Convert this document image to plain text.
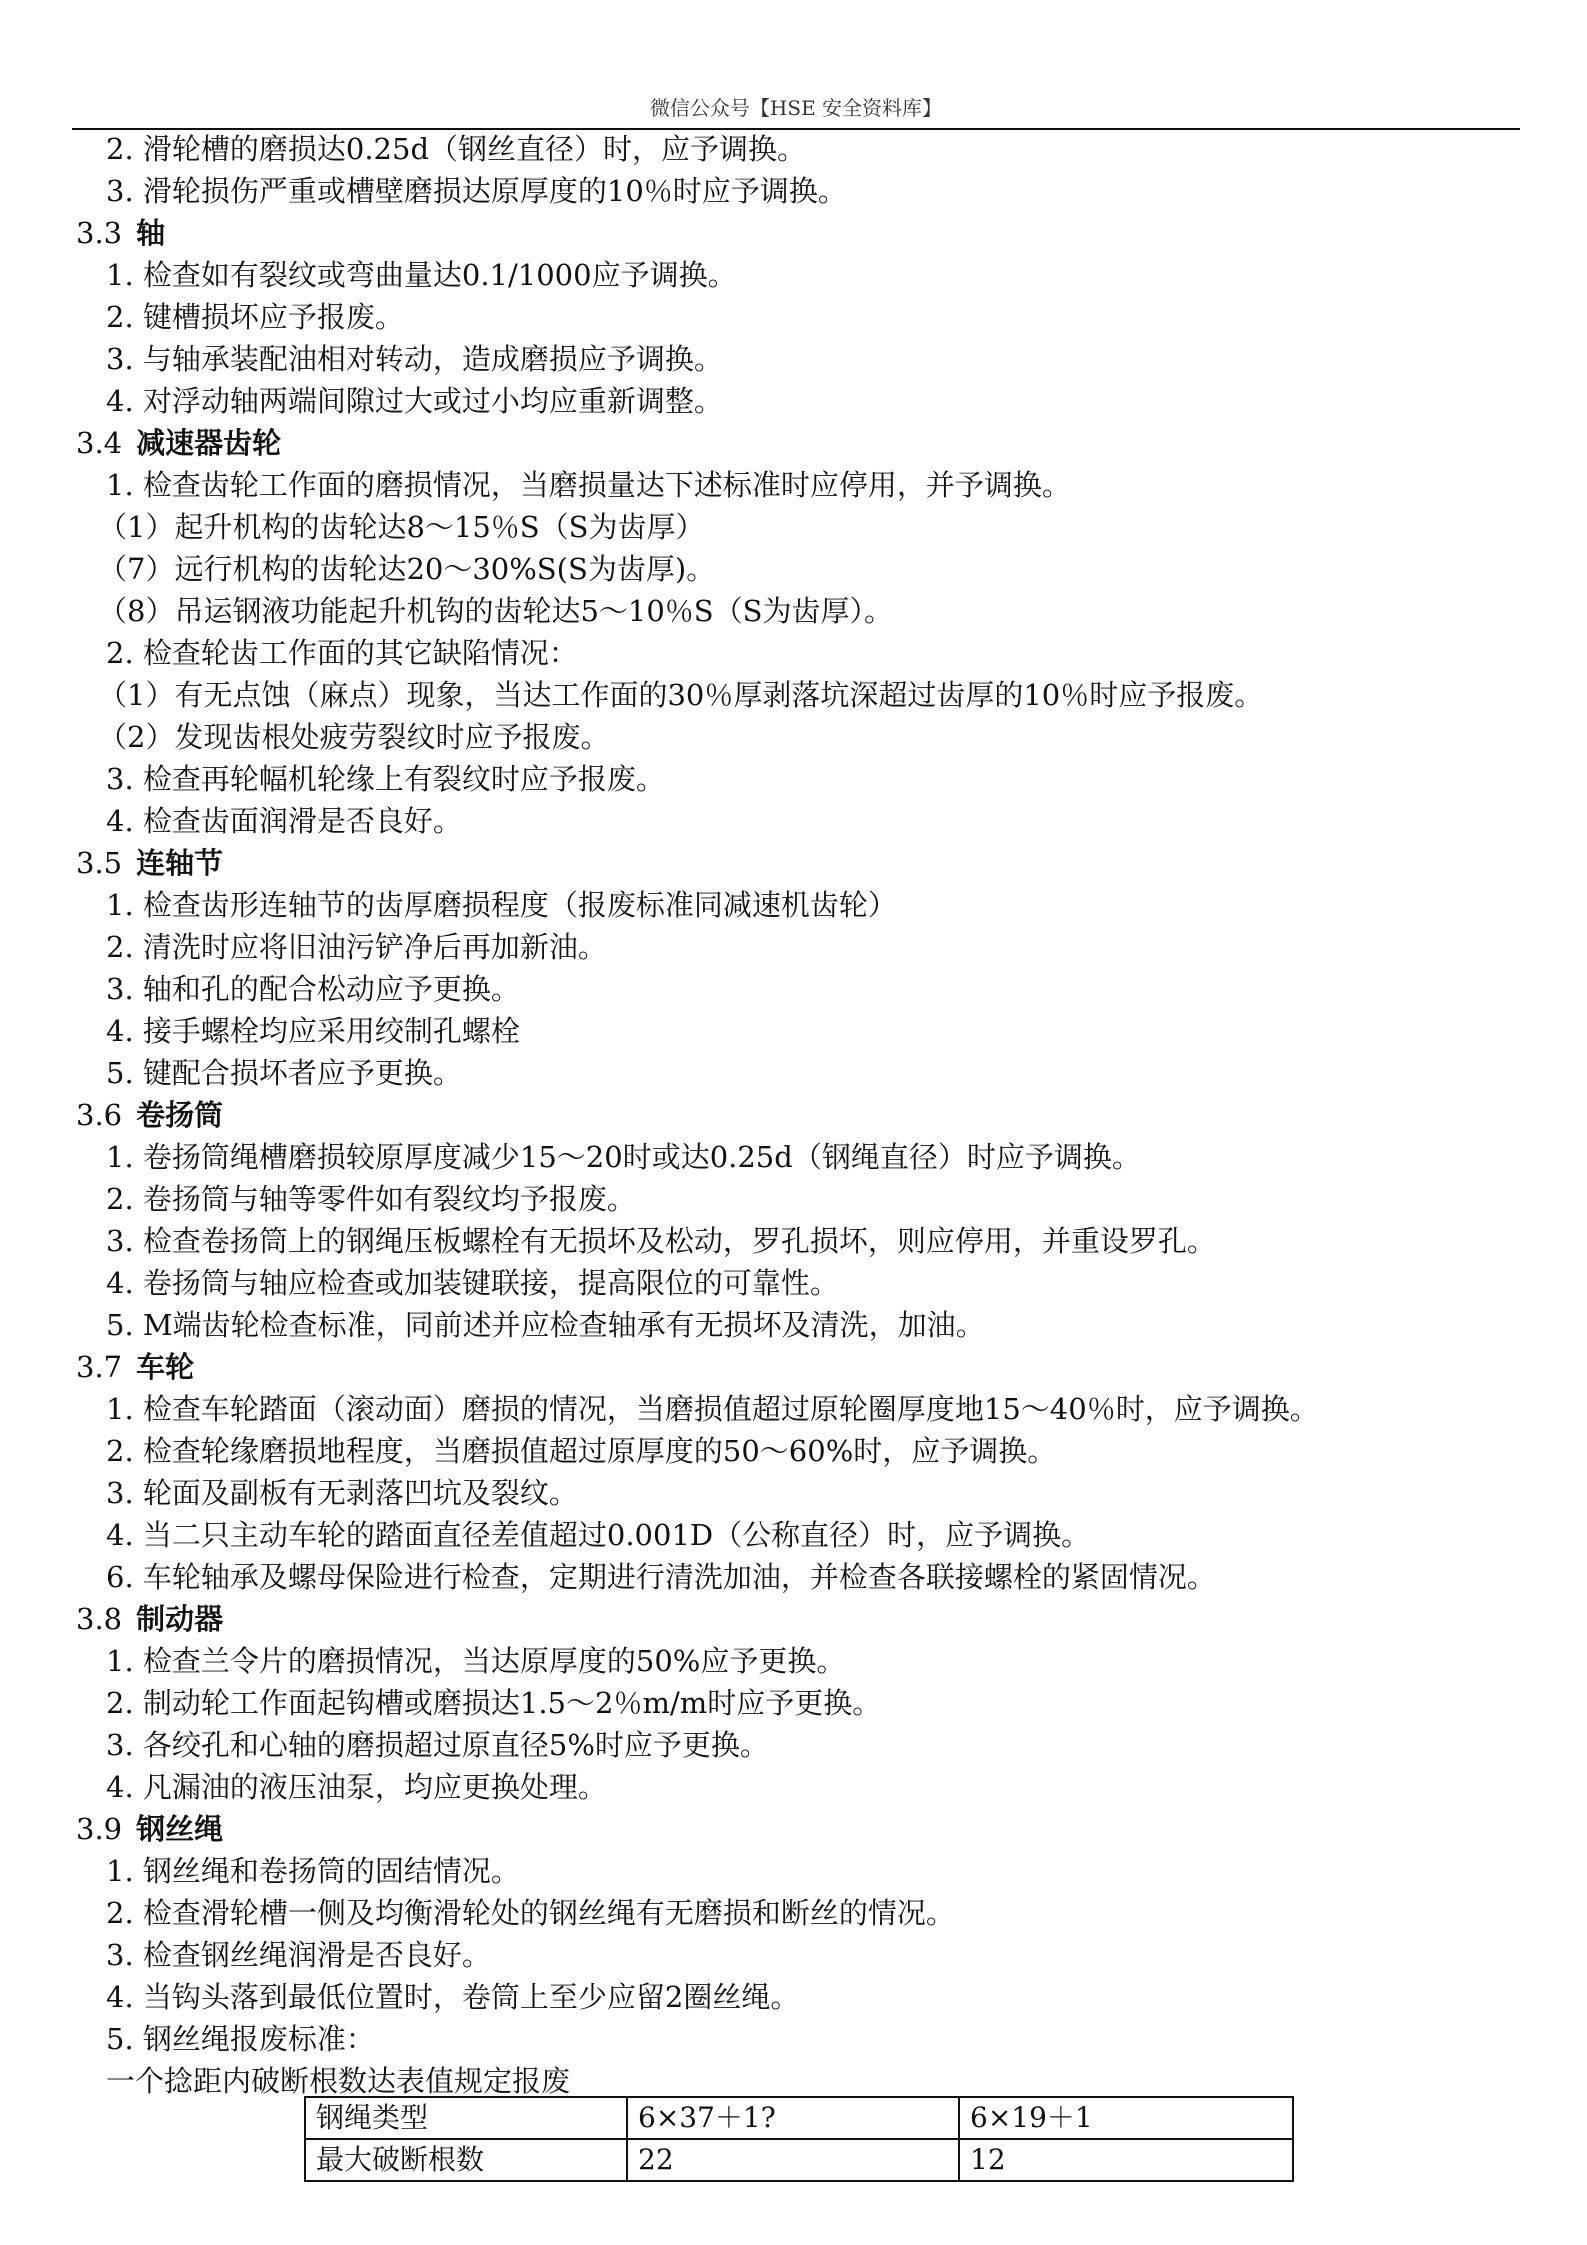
微信公众号【HSE 安全资料库】
2. 滑轮槽的磨损达0.25d（钢丝直径）时，应予调换。
3. 滑轮损伤严重或槽壁磨损达原厚度的10％时应予调换。
3.3 轴
1. 检查如有裂纹或弯曲量达0.1/1000应予调换。
2. 键槽损坏应予报废。
3. 与轴承装配油相对转动，造成磨损应予调换。
4. 对浮动轴两端间隙过大或过小均应重新调整。
3.4 减速器齿轮
1. 检查齿轮工作面的磨损情况，当磨损量达下述标准时应停用，并予调换。
（1）起升机构的齿轮达8～15％S（S为齿厚）
（7）远行机构的齿轮达20～30%S(S为齿厚)。
（8）吊运钢液功能起升机钩的齿轮达5～10％S（S为齿厚）。
2. 检查轮齿工作面的其它缺陷情况：
（1）有无点蚀（麻点）现象，当达工作面的30％厚剥落坑深超过齿厚的10％时应予报废。
（2）发现齿根处疲劳裂纹时应予报废。
3. 检查再轮幅机轮缘上有裂纹时应予报废。
4. 检查齿面润滑是否良好。
3.5 连轴节
1. 检查齿形连轴节的齿厚磨损程度（报废标准同减速机齿轮）
2. 清洗时应将旧油污铲净后再加新油。
3. 轴和孔的配合松动应予更换。
4. 接手螺栓均应采用绞制孔螺栓
5. 键配合损坏者应予更换。
3.6 卷扬筒
1. 卷扬筒绳槽磨损较原厚度减少15～20时或达0.25d（钢绳直径）时应予调换。
2. 卷扬筒与轴等零件如有裂纹均予报废。
3. 检查卷扬筒上的钢绳压板螺栓有无损坏及松动，罗孔损坏，则应停用，并重设罗孔。
4. 卷扬筒与轴应检查或加装键联接，提高限位的可靠性。
5. M端齿轮检查标准，同前述并应检查轴承有无损坏及清洗，加油。
3.7 车轮
1. 检查车轮踏面（滚动面）磨损的情况，当磨损值超过原轮圈厚度地15～40％时，应予调换。
2. 检查轮缘磨损地程度，当磨损值超过原厚度的50～60%时，应予调换。
3. 轮面及副板有无剥落凹坑及裂纹。
4. 当二只主动车轮的踏面直径差值超过0.001D（公称直径）时，应予调换。
6. 车轮轴承及螺母保险进行检查，定期进行清洗加油，并检查各联接螺栓的紧固情况。
3.8 制动器
1. 检查兰令片的磨损情况，当达原厚度的50%应予更换。
2. 制动轮工作面起钩槽或磨损达1.5～2％m/m时应予更换。
3. 各绞孔和心轴的磨损超过原直径5%时应予更换。
4. 凡漏油的液压油泵，均应更换处理。
3.9 钢丝绳
1. 钢丝绳和卷扬筒的固结情况。
2. 检查滑轮槽一侧及均衡滑轮处的钢丝绳有无磨损和断丝的情况。
3. 检查钢丝绳润滑是否良好。
4. 当钩头落到最低位置时，卷筒上至少应留2圈丝绳。
5. 钢丝绳报废标准：
一个捻距内破断根数达表值规定报废
钢绳类型	6×37＋1?	6×19＋1
最大破断根数	22	12
